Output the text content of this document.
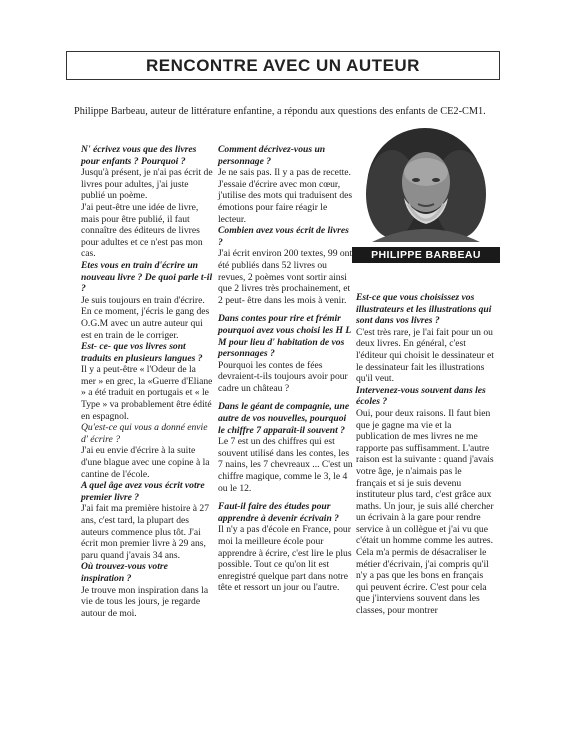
RENCONTRE AVEC UN AUTEUR
Philippe Barbeau, auteur de littérature enfantine, a répondu aux questions des enfants de CE2-CM1.
N' écrivez vous que des livres pour enfants ? Pourquoi ?
Jusqu'à présent, je n'ai pas écrit de livres pour adultes, j'ai juste publié un poème.
J'ai peut-être une idée de livre, mais pour être publié, il faut connaître des éditeurs de livres pour adultes et ce n'est pas mon cas.
Etes vous en train d'écrire un nouveau livre ? De quoi parle t-il ?
Je suis toujours en train d'écrire. En ce moment, j'écris le gang des O.G.M avec un autre auteur qui est en train de le corriger.
Est- ce- que vos livres sont traduits en plusieurs langues ?
Il y a peut-être « l'Odeur de la mer » en grec, la «Guerre d'Eliane » a été traduit en portugais et « le Type » va probablement être édité en espagnol.
Qu'est-ce qui vous a donné envie d' écrire ?
J'ai eu envie d'écrire à la suite d'une blague avec une copine à la cantine de l'école.
A quel âge avez vous écrit votre premier livre ?
J'ai fait ma première histoire à 27 ans, c'est tard, la plupart des auteurs commence plus tôt. J'ai écrit mon premier livre à 29 ans, paru quand j'avais 34 ans.
Où trouvez-vous votre inspiration ?
Je trouve mon inspiration dans la vie de tous les jours, je regarde autour de moi.
Comment décrivez-vous un personnage ?
Je ne sais pas. Il y a pas de recette. J'essaie d'écrire avec mon cœur, j'utilise des mots qui traduisent des émotions pour faire réagir le lecteur.
Combien avez vous écrit de livres ?
J'ai écrit environ 200 textes, 99 ont été publiés dans 52 livres ou revues, 2 poèmes vont sortir ainsi que 2 livres très prochainement, et 2 peut- être dans les mois à venir.
Dans contes pour rire et frémir pourquoi avez vous choisi les H L M pour lieu d' habitation de vos personnages ?
Pourquoi les contes de fées devraient-t-ils toujours avoir pour cadre un château ?
Dans le géant de compagnie, une autre de vos nouvelles, pourquoi le chiffre 7 apparaît-il souvent ?
Le 7 est un des chiffres qui est souvent utilisé dans les contes, les 7 nains, les 7 chevreaux ... C'est un chiffre magique, comme le 3, le 4 ou le 12.
Faut-il faire des études pour apprendre à devenir écrivain ?
Il n'y a pas d'école en France, pour moi la meilleure école pour apprendre à écrire, c'est lire le plus possible. Tout ce qu'on lit est enregistré quelque part dans notre tête et ressort un jour ou l'autre.
PHILIPPE BARBEAU
Est-ce que vous choisissez vos illustrateurs et les illustrations qui sont dans vos livres ?
C'est très rare, je l'ai fait pour un ou deux livres. En général, c'est l'éditeur qui choisit le dessinateur et le dessinateur fait les illustrations qu'il veut.
Intervenez-vous souvent dans les écoles ?
Oui, pour deux raisons. Il faut bien que je gagne ma vie et la publication de mes livres ne me rapporte pas suffisamment. L'autre raison est la suivante : quand j'avais votre âge, je n'aimais pas le français et si je suis devenu instituteur plus tard, c'est grâce aux maths. Un jour, je suis allé chercher un écrivain à la gare pour rendre service à un collègue et j'ai vu que c'était un homme comme les autres. Cela m'a permis de désacraliser le métier d'écrivain, j'ai compris qu'il n'y a pas que les bons en français qui peuvent écrire. C'est pour cela que j'interviens souvent dans les classes, pour montrer
